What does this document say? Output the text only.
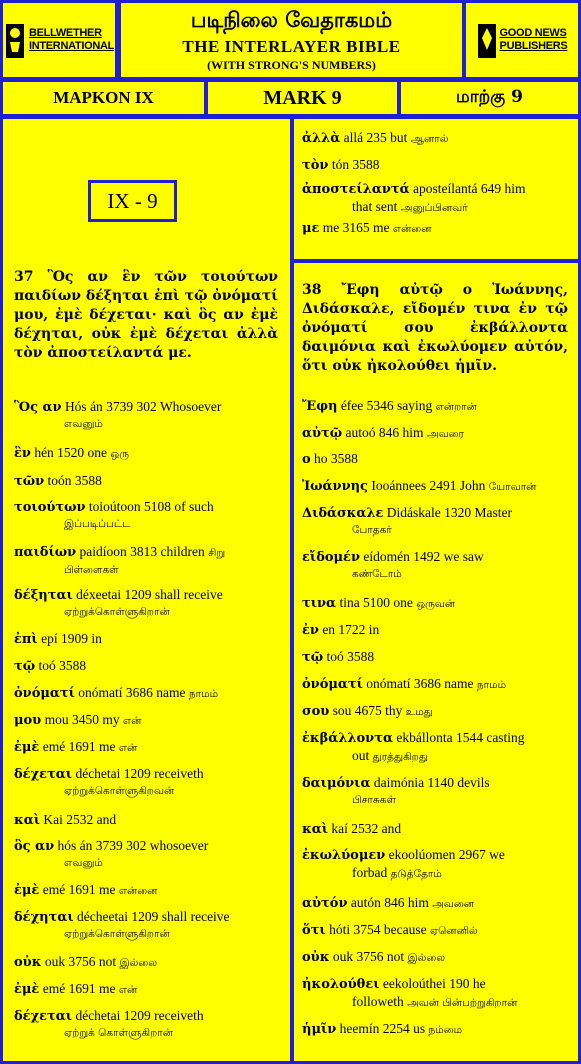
BELLWETHER
INTERNATIONAL
படிநிலை வேதாகமம்
THE INTERLAYER BIBLE
(WITH STRONG'S NUMBERS)
GOOD NEWS
PUBLISHERS
MAPKON IX	MARK 9	மாற்கு 9
IX - 9
37 Ὃς αν ἓν τῶν τοιούτων παιδίων δέξηται ἐπὶ τῷ ὀνόματί μου, ἐμὲ δέχεται· καὶ ὃς αν ἐμὲ δέχηται, οὐκ ἐμὲ δέχεται ἀλλὰ τὸν ἀποστείλαντά με.
Ὃς αν Hós án 3739 302 Whosoever
எவனும்
ἓν hén 1520 one ஒரு
τῶν toón 3588
τοιούτων toioútoon 5108 of such
இப்படிப்பட்ட
παιδίων paidíoon 3813 children சிறு
பிள்ளைகள்
δέξηται déxeetai 1209 shall receive
ஏற்றுக்கொள்ளுகிறான்
ἐπὶ epí 1909 in
τῷ toó 3588
ὀνόματί onómatí 3686 name நாமம்
μου mou 3450 my என்
ἐμὲ emé 1691 me என்
δέχεται déchetai 1209 receiveth
ஏற்றுக்கொள்ளுகிறவன்
καὶ Kai 2532 and
ὃς αν hós án 3739 302 whosoever
எவனும்
ἐμὲ emé 1691 me என்னை
δέχηται décheetai 1209 shall receive
ஏற்றுக்கொள்ளுகிறான்
οὐκ ouk 3756 not இல்லை
ἐμὲ emé 1691 me என்
δέχεται déchetai 1209 receiveth
ஏற்றுக் கொள்ளுகிறான்
ἀλλὰ allá 235 but ஆனால்
τὸν tón 3588
ἀποστείλαντά aposteílantá 649 him
that sent அனுப்பினவர்
με me 3165 me என்னை
38 Ἔφη αὐτῷ ο Ἰωάννης, Διδάσκαλε, εἴδομέν τινα ἐν τῷ ὀνόματί σου ἐκβάλλοντα δαιμόνια καὶ ἐκωλύομεν αὐτόν, ὅτι οὐκ ἠκολούθει ἡμῖν.
Ἔφη éfee 5346 saying என்றான்
αὐτῷ autoó 846 him அவரை
ο ho 3588
Ἰωάννης Iooánnees 2491 John யோவான்
Διδάσκαλε Didáskale 1320 Master
போதகர்
εἴδομέν eídomén 1492 we saw
கண்டோம்
τινα tina 5100 one ஒருவன்
ἐν en 1722 in
τῷ toó 3588
ὀνόματί onómatí 3686 name நாமம்
σου sou 4675 thy உமது
ἐκβάλλοντα ekbállonta 1544 casting
out துரத்துகிறது
δαιμόνια daimónia 1140 devils
பிசாசுகள்
καὶ kaí 2532 and
ἐκωλύομεν ekoolúomen 2967 we
forbad தடுத்தோம்
αὐτόν autón 846 him அவனை
ὅτι hóti 3754 because ஏனெனில்
οὐκ ouk 3756 not இல்லை
ἠκολούθει eekoloúthei 190 he
followeth அவன் பின்பற்றுகிறான்
ἡμῖν heemín 2254 us நம்மை
